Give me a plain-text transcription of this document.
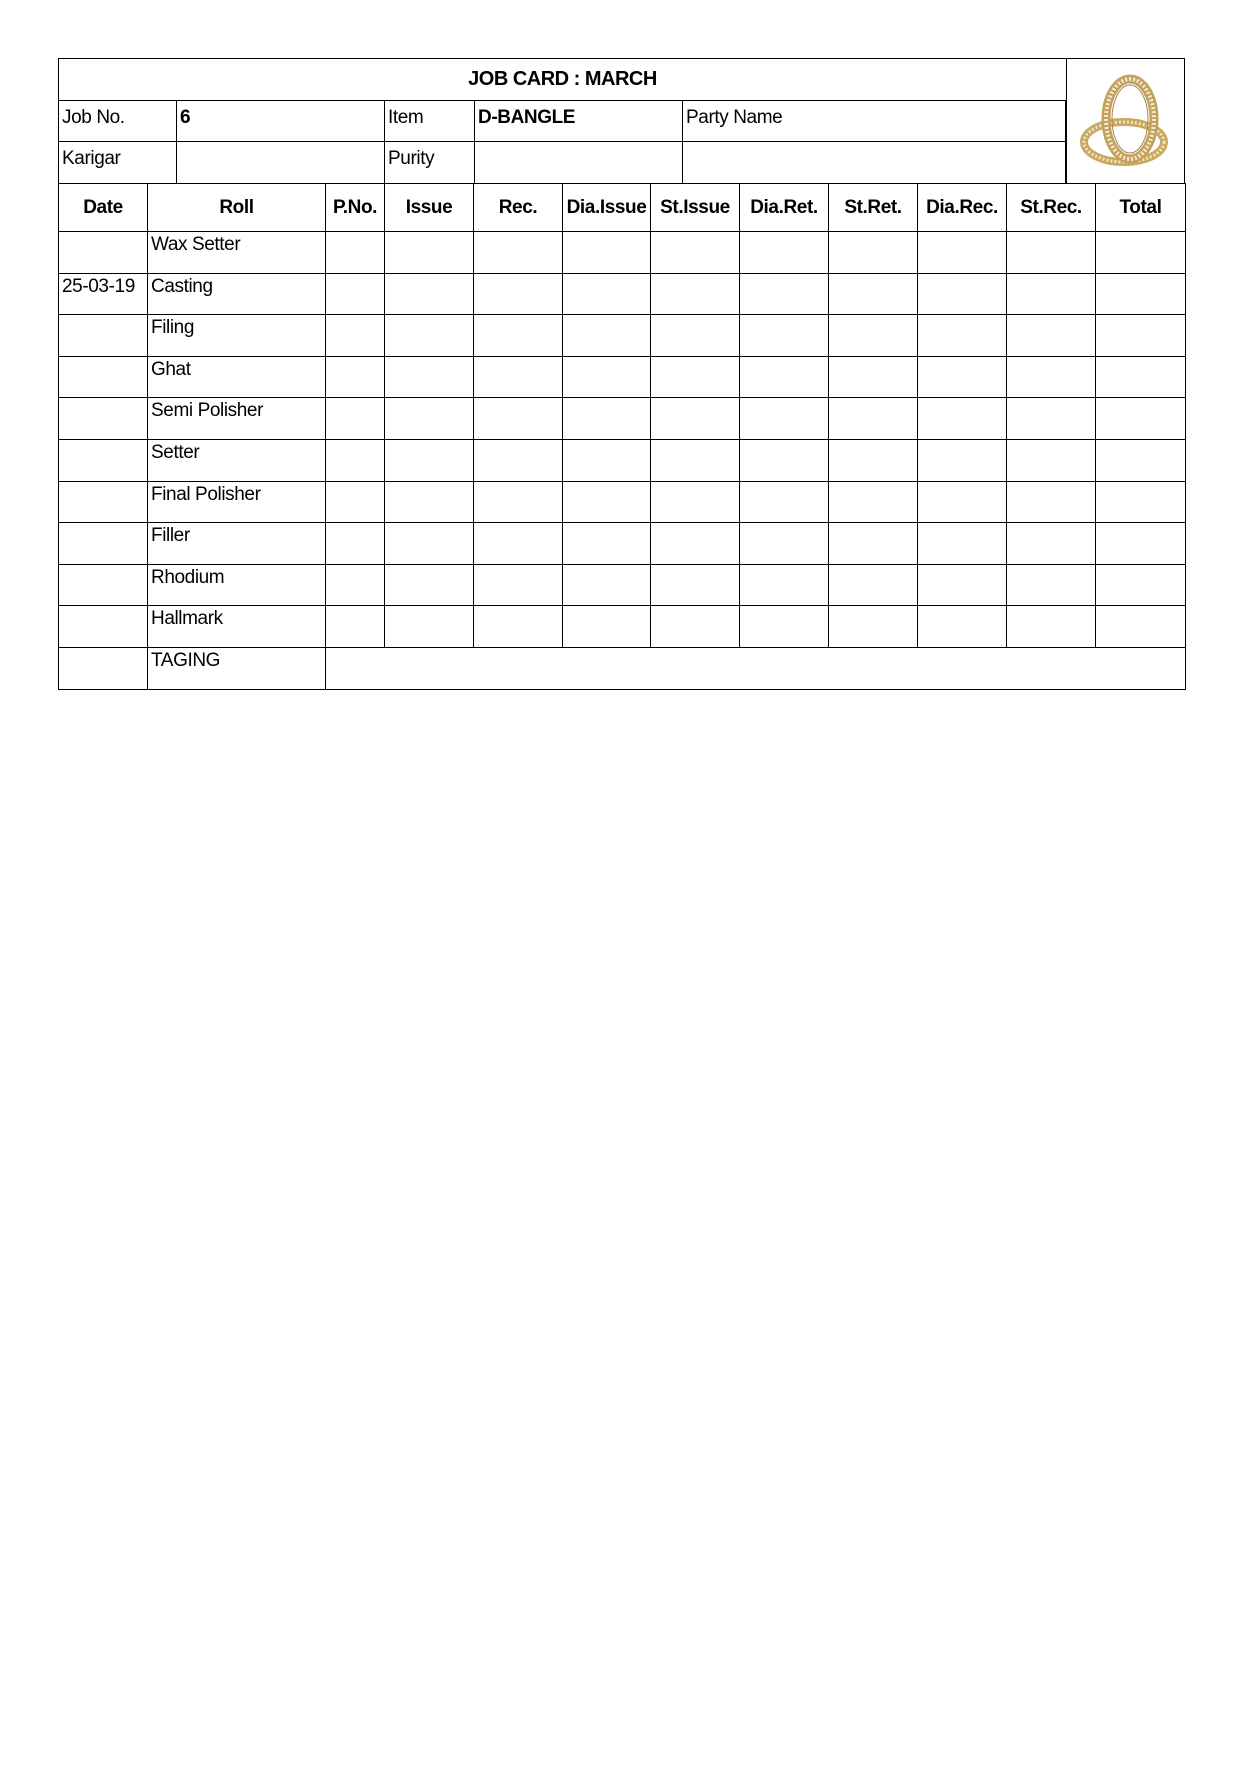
JOB CARD : MARCH
Job No.	6	Item	D-BANGLE	Party Name
Karigar	Purity
Date	Roll	P.No.	Issue	Rec.	Dia.Issue	St.Issue	Dia.Ret.	St.Ret.	Dia.Rec.	St.Rec.	Total
	Wax Setter										
25-03-19	Casting										
	Filing										
	Ghat										
	Semi Polisher										
	Setter										
	Final Polisher										
	Filler										
	Rhodium										
	Hallmark										
	TAGING										
